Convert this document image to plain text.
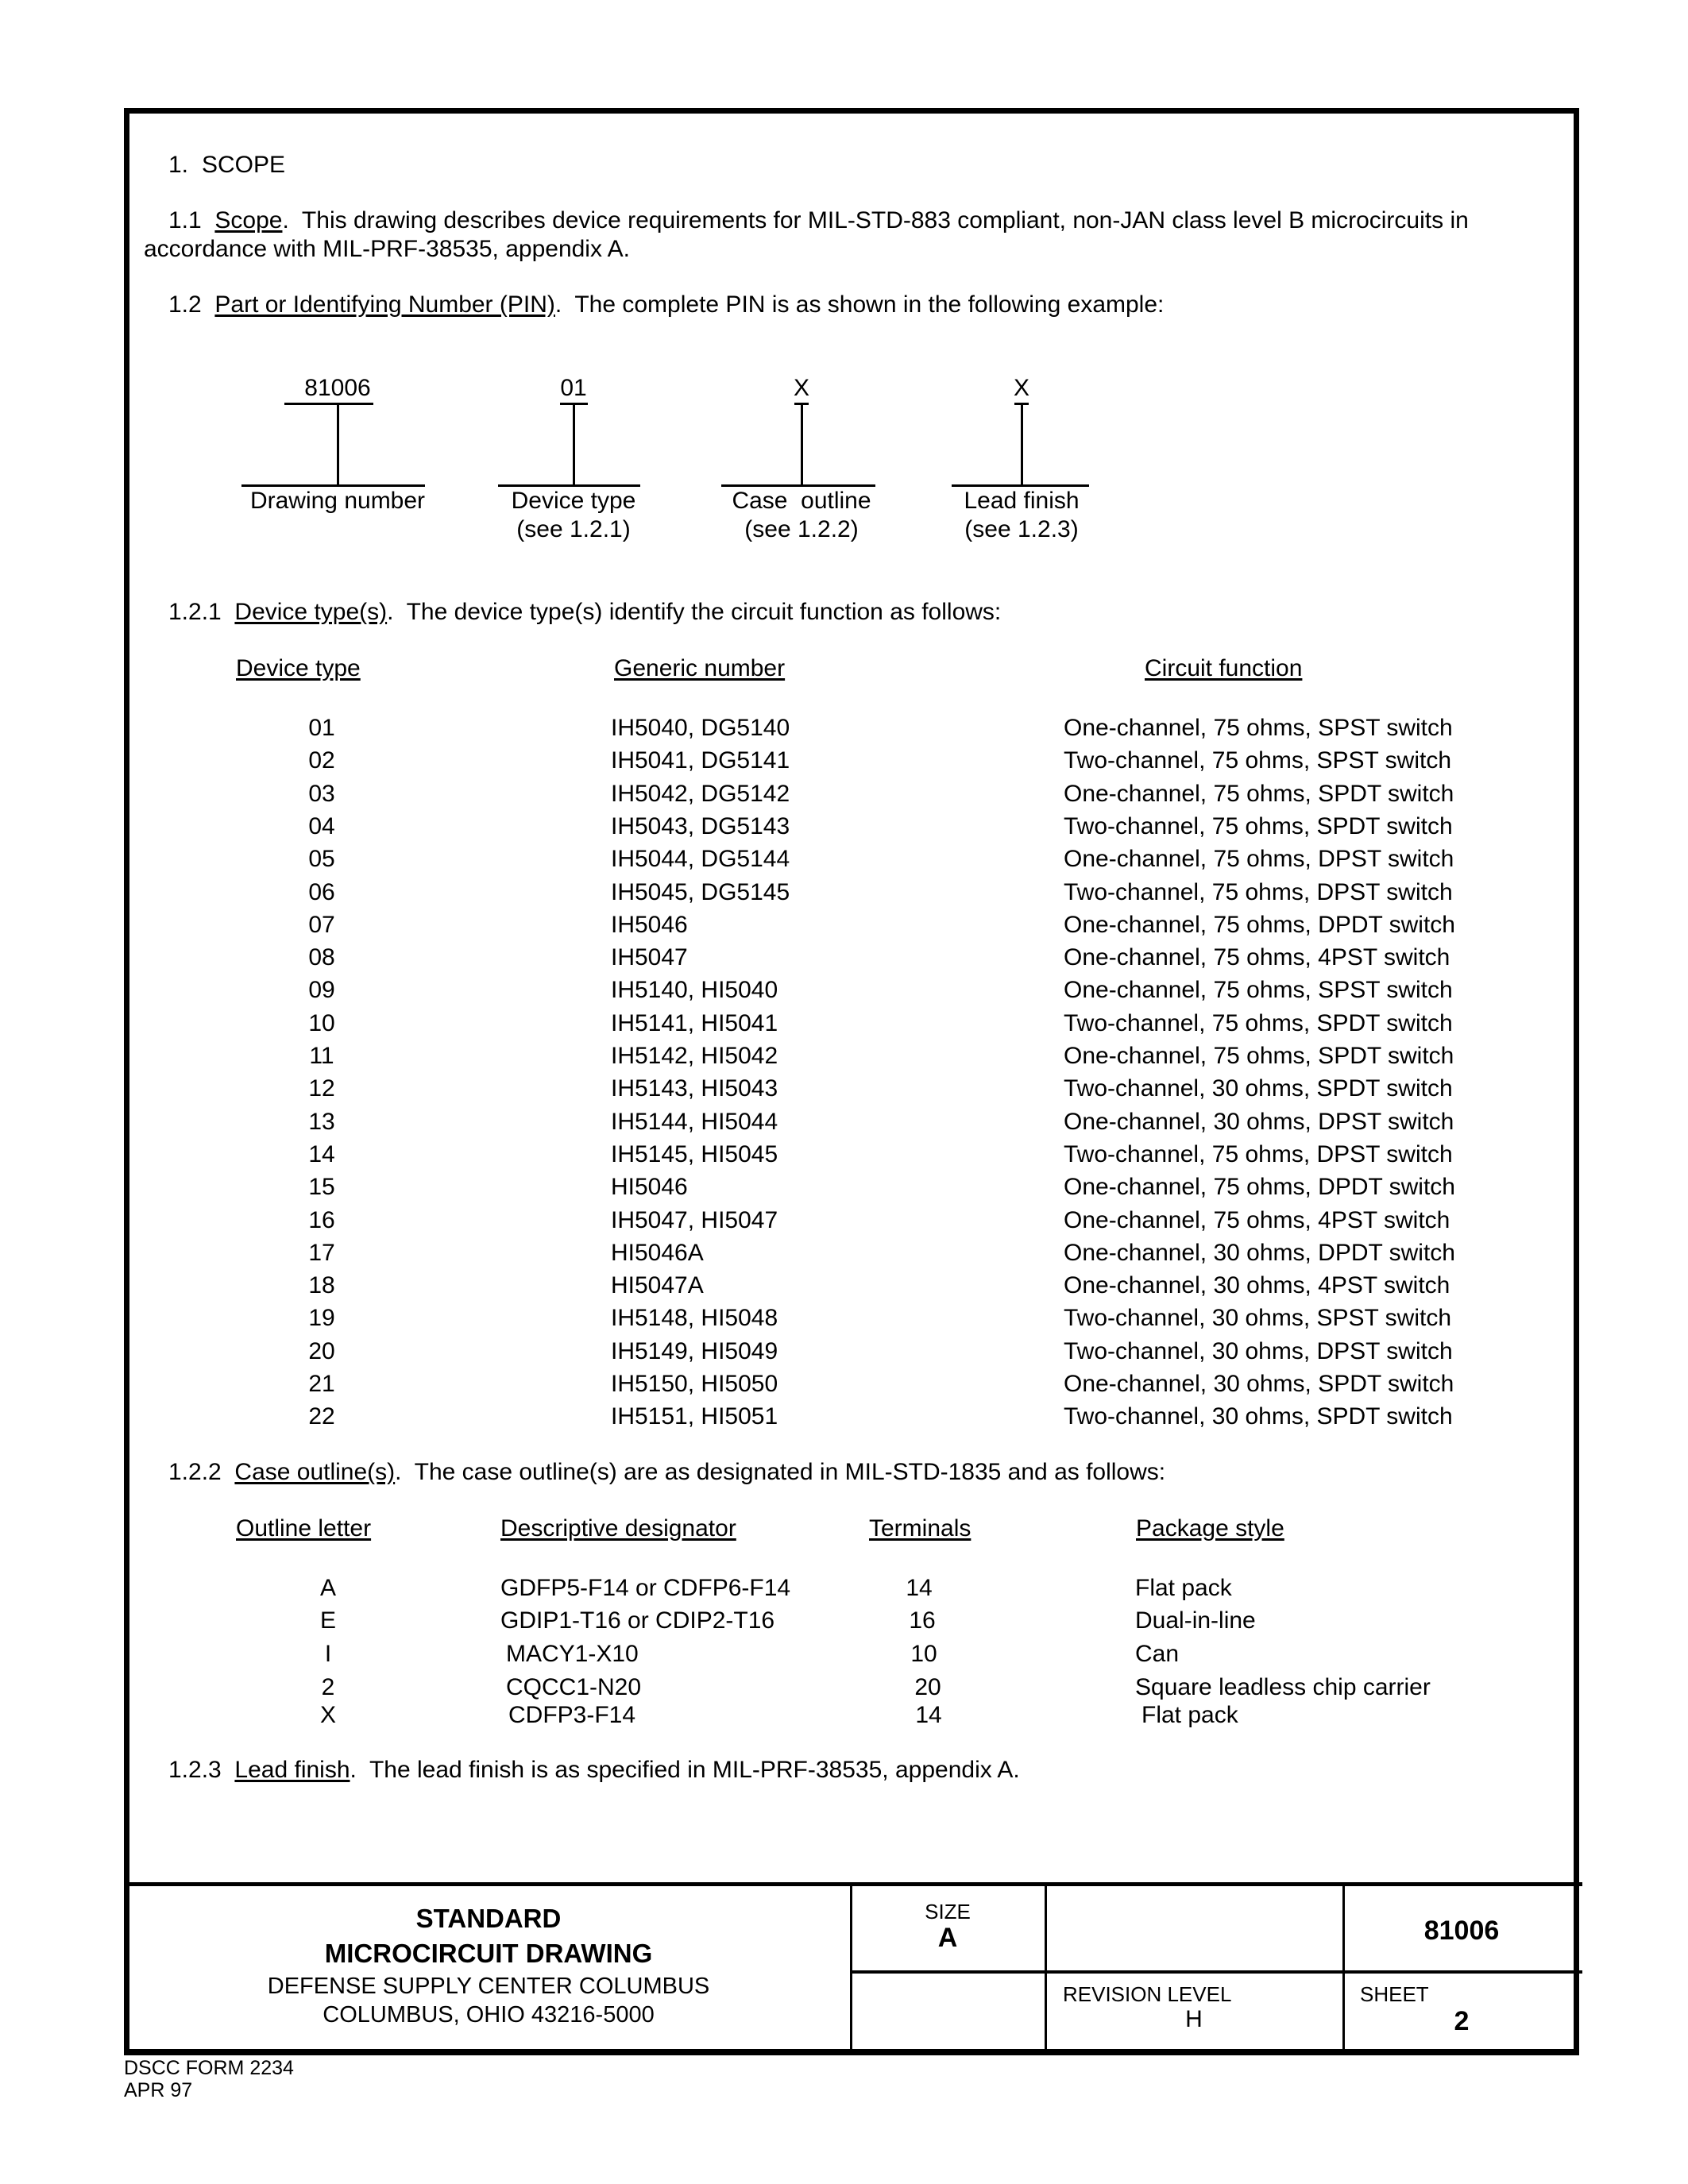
1. SCOPE
1.1 Scope.  This drawing describes device requirements for MIL-STD-883 compliant, non-JAN class level B microcircuits in
accordance with MIL-PRF-38535, appendix A.
1.2 Part or Identifying Number (PIN).  The complete PIN is as shown in the following example:
81006
Drawing number
01
Device type
(see 1.2.1)
X
Case  outline
(see 1.2.2)
X
Lead finish
(see 1.2.3)
1.2.1 Device type(s).  The device type(s) identify the circuit function as follows:
Device type	Generic number	Circuit function
01	IH5040, DG5140	One-channel, 75 ohms, SPST switch
02	IH5041, DG5141	Two-channel, 75 ohms, SPST switch
03	IH5042, DG5142	One-channel, 75 ohms, SPDT switch
04	IH5043, DG5143	Two-channel, 75 ohms, SPDT switch
05	IH5044, DG5144	One-channel, 75 ohms, DPST switch
06	IH5045, DG5145	Two-channel, 75 ohms, DPST switch
07	IH5046	One-channel, 75 ohms, DPDT switch
08	IH5047	One-channel, 75 ohms, 4PST switch
09	IH5140, HI5040	One-channel, 75 ohms, SPST switch
10	IH5141, HI5041	Two-channel, 75 ohms, SPDT switch
11	IH5142, HI5042	One-channel, 75 ohms, SPDT switch
12	IH5143, HI5043	Two-channel, 30 ohms, SPDT switch
13	IH5144, HI5044	One-channel, 30 ohms, DPST switch
14	IH5145, HI5045	Two-channel, 75 ohms, DPST switch
15	HI5046	One-channel, 75 ohms, DPDT switch
16	IH5047, HI5047	One-channel, 75 ohms, 4PST switch
17	HI5046A	One-channel, 30 ohms, DPDT switch
18	HI5047A	One-channel, 30 ohms, 4PST switch
19	IH5148, HI5048	Two-channel, 30 ohms, SPST switch
20	IH5149, HI5049	Two-channel, 30 ohms, DPST switch
21	IH5150, HI5050	One-channel, 30 ohms, SPDT switch
22	IH5151, HI5051	Two-channel, 30 ohms, SPDT switch
1.2.2 Case outline(s).  The case outline(s) are as designated in MIL-STD-1835 and as follows:
Outline letter	Descriptive designator	Terminals	Package style
A	GDFP5-F14 or CDFP6-F14	14	Flat pack
E	GDIP1-T16 or CDIP2-T16	16	Dual-in-line
I	MACY1-X10	10	Can
2	CQCC1-N20	20	Square leadless chip carrier
X	CDFP3-F14	14	Flat pack
1.2.3 Lead finish.  The lead finish is as specified in MIL-PRF-38535, appendix A.
STANDARD
MICROCIRCUIT DRAWING
DEFENSE SUPPLY CENTER COLUMBUS
COLUMBUS, OHIO 43216-5000
SIZE
A	81006
REVISION LEVEL
H
SHEET
2
DSCC FORM 2234
APR 97
